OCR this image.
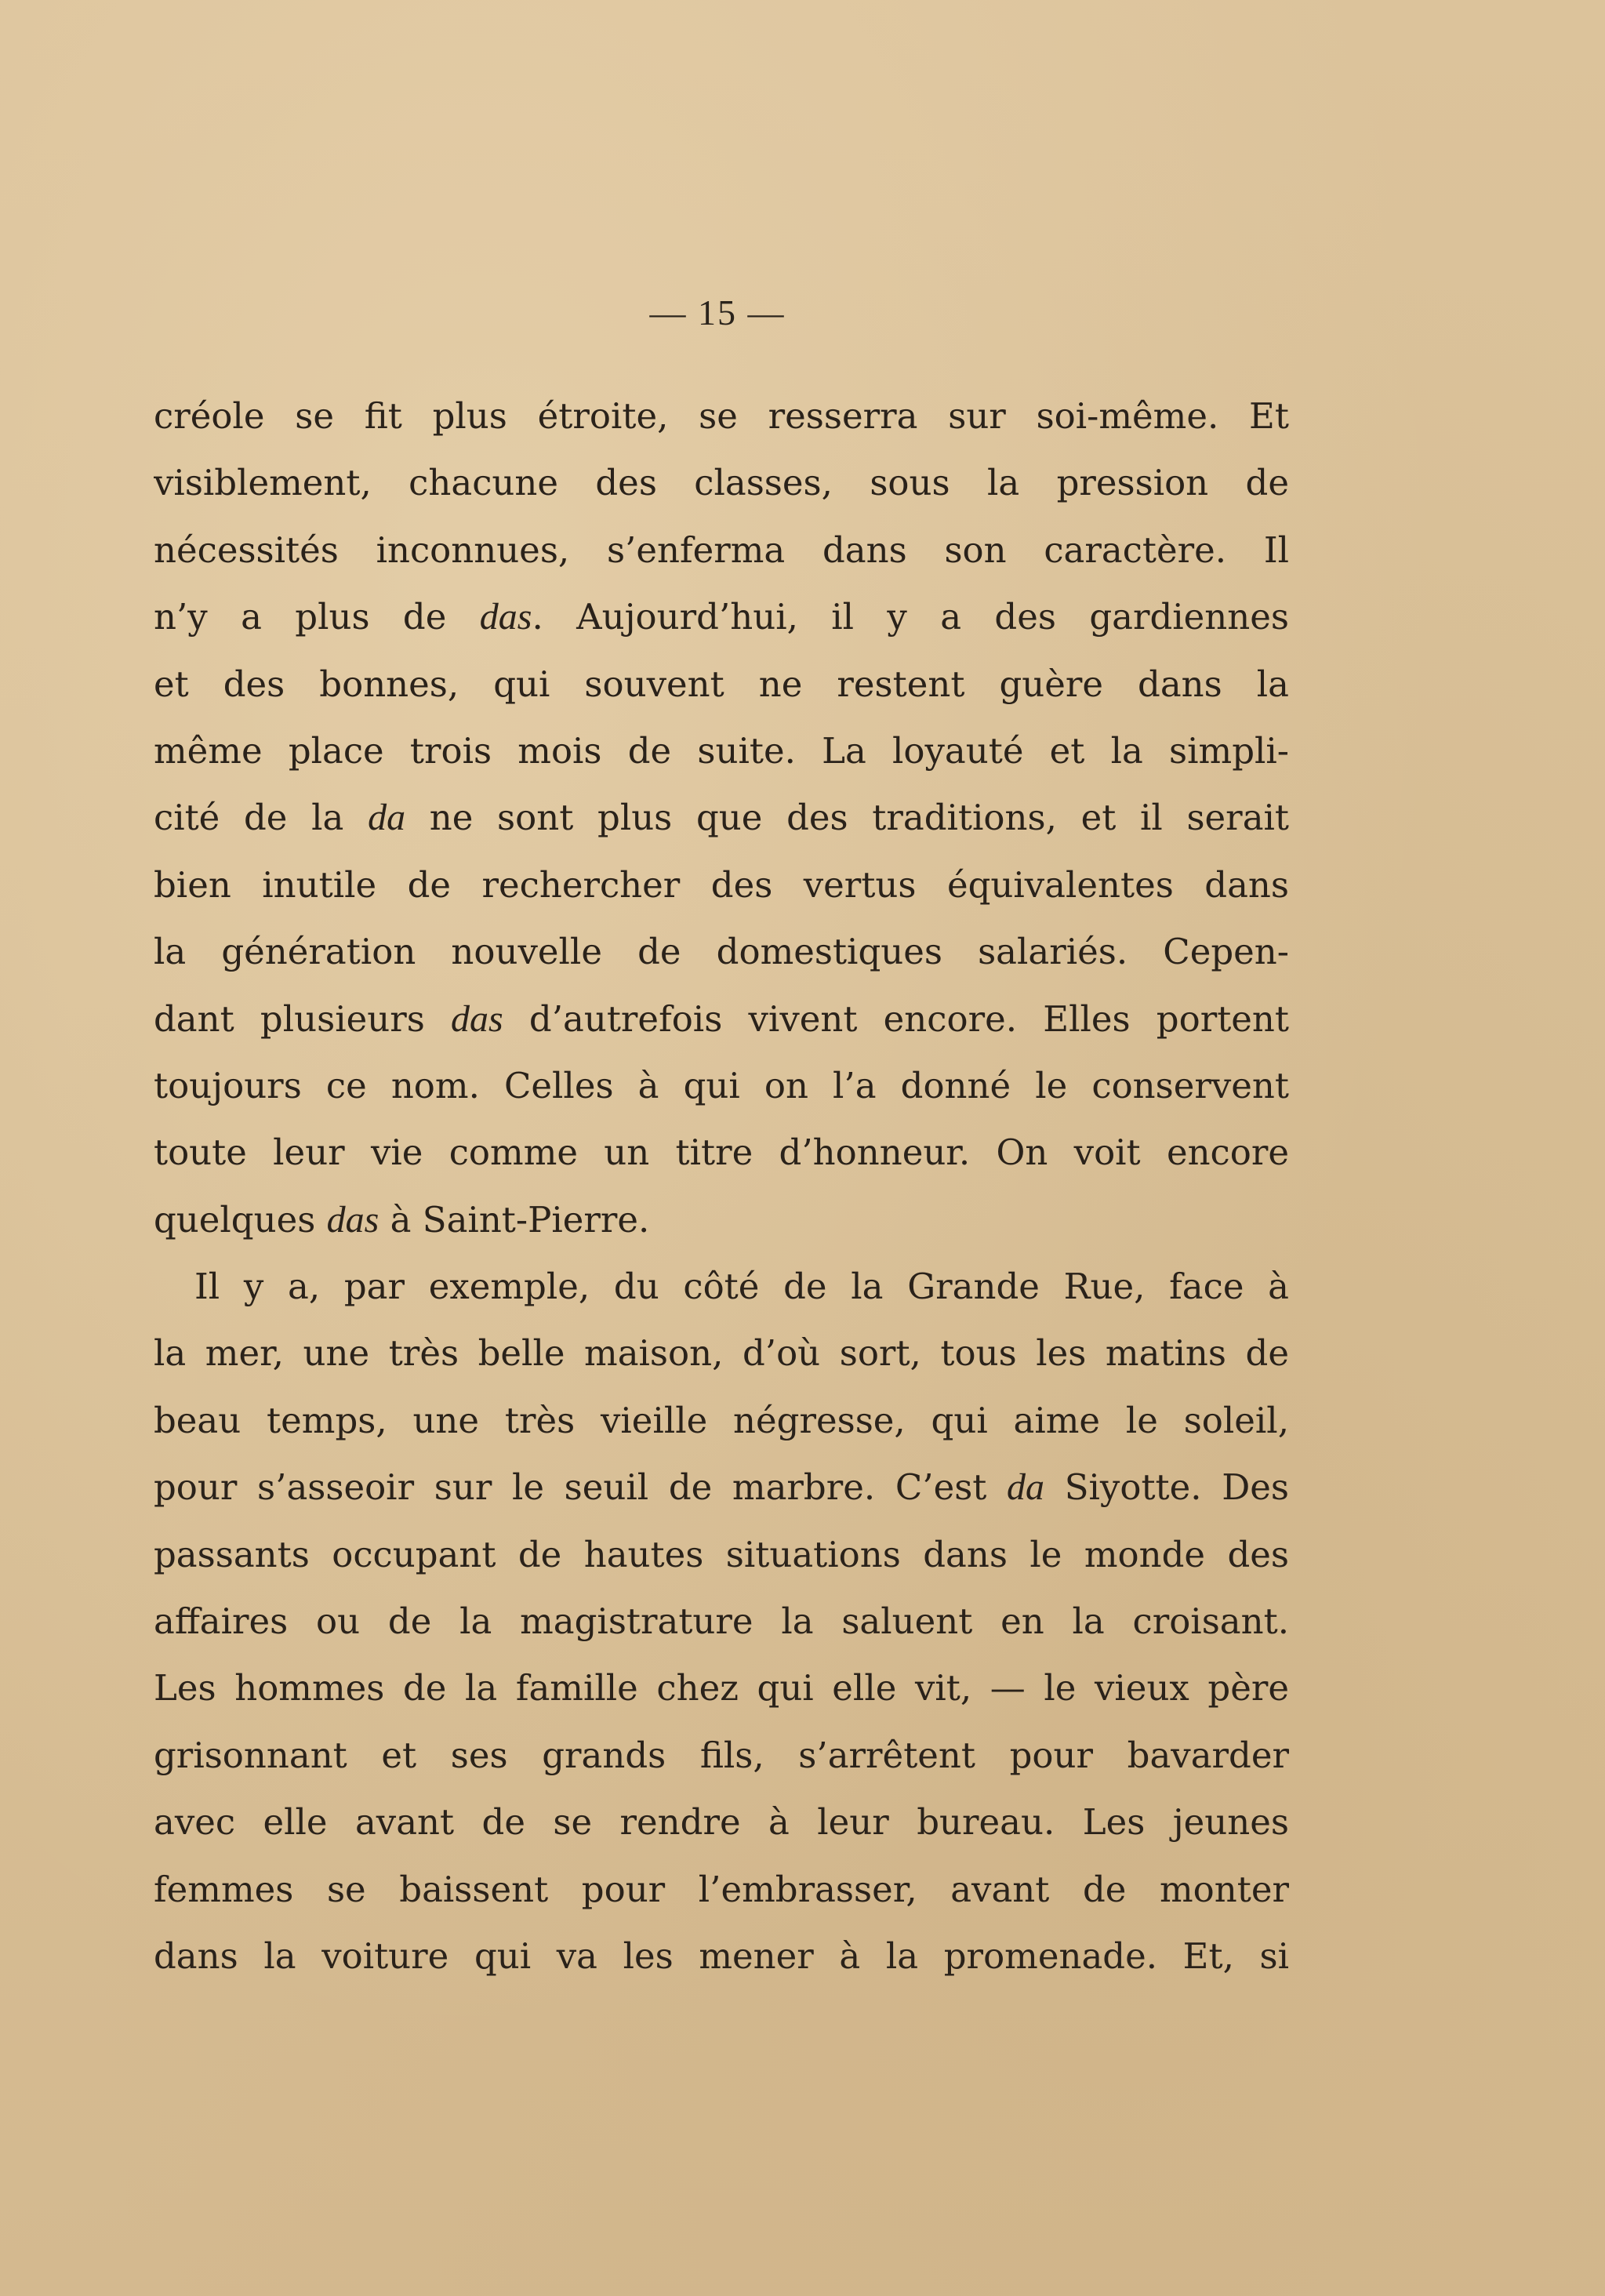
— 15 —
créole se fit plus étroite, se resserra sur soi-même. Et
visiblement, chacune des classes, sous la pression de
nécessités inconnues, s’enferma dans son caractère. Il
n’y a plus de das. Aujourd’hui, il y a des gardiennes
et des bonnes, qui souvent ne restent guère dans la
même place trois mois de suite. La loyauté et la simpli-
cité de la da ne sont plus que des traditions, et il serait
bien inutile de rechercher des vertus équivalentes dans
la génération nouvelle de domestiques salariés. Cepen-
dant plusieurs das d’autrefois vivent encore. Elles portent
toujours ce nom. Celles à qui on l’a donné le conservent
toute leur vie comme un titre d’honneur. On voit encore
quelques das à Saint-Pierre.
Il y a, par exemple, du côté de la Grande Rue, face à
la mer, une très belle maison, d’où sort, tous les matins de
beau temps, une très vieille négresse, qui aime le soleil,
pour s’asseoir sur le seuil de marbre. C’est da Siyotte. Des
passants occupant de hautes situations dans le monde des
affaires ou de la magistrature la saluent en la croisant.
Les hommes de la famille chez qui elle vit, — le vieux père
grisonnant et ses grands fils, s’arrêtent pour bavarder
avec elle avant de se rendre à leur bureau. Les jeunes
femmes se baissent pour l’embrasser, avant de monter
dans la voiture qui va les mener à la promenade. Et, si
